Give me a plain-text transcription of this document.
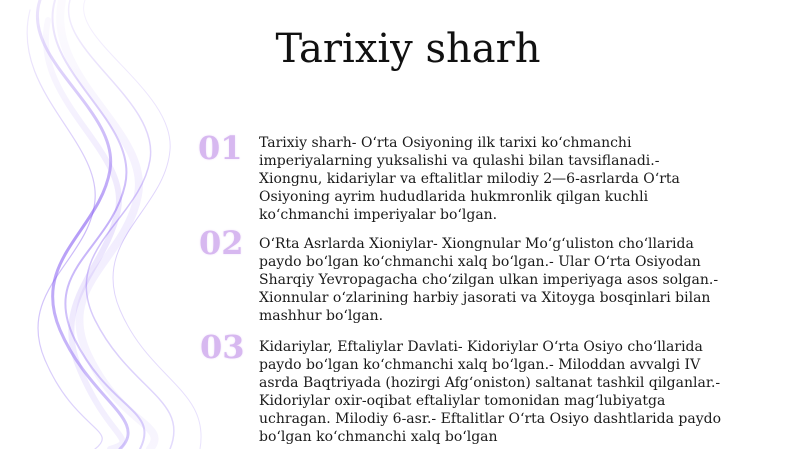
Tarixiy sharh
01 Tarixiy sharh- O‘rta Osiyoning ilk tarixi ko‘chmanchi
imperiyalarning yuksalishi va qulashi bilan tavsiflanadi.-
Xiongnu, kidariylar va eftalitlar milodiy 2—6-asrlarda O‘rta
Osiyoning ayrim hududlarida hukmronlik qilgan kuchli
ko‘chmanchi imperiyalar bo‘lgan.
02 O‘Rta Asrlarda Xioniylar- Xiongnular Mo‘g‘uliston cho‘llarida
paydo bo‘lgan ko‘chmanchi xalq bo‘lgan.- Ular O‘rta Osiyodan
Sharqiy Yevropagacha cho‘zilgan ulkan imperiyaga asos solgan.-
Xionnular o‘zlarining harbiy jasorati va Xitoyga bosqinlari bilan
mashhur bo‘lgan.
03 Kidariylar, Eftaliylar Davlati- Kidoriylar O‘rta Osiyo cho‘llarida
paydo bo‘lgan ko‘chmanchi xalq bo‘lgan.- Miloddan avvalgi IV
asrda Baqtriyada (hozirgi Afg‘oniston) saltanat tashkil qilganlar.-
Kidoriylar oxir-oqibat eftaliylar tomonidan mag‘lubiyatga
uchragan. Milodiy 6-asr.- Eftalitlar O‘rta Osiyo dashtlarida paydo
bo‘lgan ko‘chmanchi xalq bo‘lgan
